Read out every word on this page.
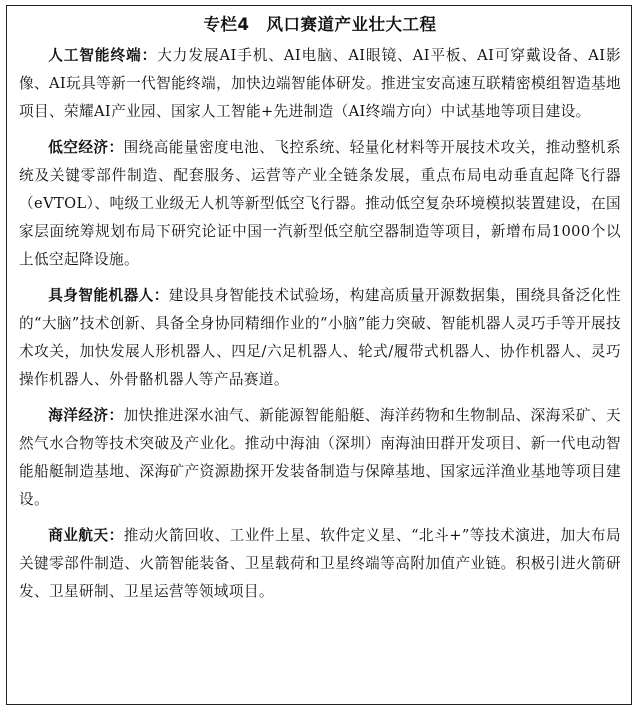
专栏4　风口赛道产业壮大工程

人工智能终端：大力发展AI手机、AI电脑、AI眼镜、AI平板、AI可穿戴设备、AI影像、AI玩具等新一代智能终端，加快边端智能体研发。推进宝安高速互联精密模组智造基地项目、荣耀AI产业园、国家人工智能+先进制造（AI终端方向）中试基地等项目建设。

低空经济：围绕高能量密度电池、飞控系统、轻量化材料等开展技术攻关，推动整机系统及关键零部件制造、配套服务、运营等产业全链条发展，重点布局电动垂直起降飞行器（eVTOL）、吨级工业级无人机等新型低空飞行器。推动低空复杂环境模拟装置建设，在国家层面统筹规划布局下研究论证中国一汽新型低空航空器制造等项目，新增布局1000个以上低空起降设施。

具身智能机器人：建设具身智能技术试验场，构建高质量开源数据集，围绕具备泛化性的“大脑”技术创新、具备全身协同精细作业的“小脑”能力突破、智能机器人灵巧手等开展技术攻关，加快发展人形机器人、四足/六足机器人、轮式/履带式机器人、协作机器人、灵巧操作机器人、外骨骼机器人等产品赛道。

海洋经济：加快推进深水油气、新能源智能船艇、海洋药物和生物制品、深海采矿、天然气水合物等技术突破及产业化。推动中海油（深圳）南海油田群开发项目、新一代电动智能船艇制造基地、深海矿产资源勘探开发装备制造与保障基地、国家远洋渔业基地等项目建设。

商业航天：推动火箭回收、工业件上星、软件定义星、“北斗+”等技术演进，加大布局关键零部件制造、火箭智能装备、卫星载荷和卫星终端等高附加值产业链。积极引进火箭研发、卫星研制、卫星运营等领域项目。
